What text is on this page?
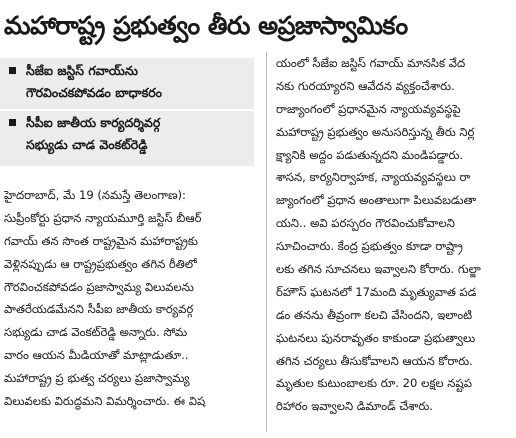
మహారాష్ట్ర ప్రభుత్వం తీరు అప్రజాస్వామికం
సీజేఐ జస్టిస్ గవాయ్‌ను
గౌరవించకపోవడం బాధాకరం
సీపీఐ జాతీయ కార్యదర్శివర్గ
సభ్యుడు చాడ వెంకట్‌రెడ్డి
హైదరాబాద్, మే 19 (నమస్తే తెలంగాణ):
సుప్రీంకోర్టు ప్రధాన న్యాయమూర్తి జస్టిస్ బీఆర్
గవాయ్ తన సొంత రాష్ట్రమైన మహారాష్ట్రకు
వెళ్లినప్పుడు ఆ రాష్ట్రప్రభుత్వం తగిన రీతిలో
గౌరవించకపోవడం ప్రజాస్వామ్య విలువలను
పాతరేయడమేనని సీపీఐ జాతీయ కార్యవర్గ
సభ్యుడు చాడ వెంకట్‌రెడ్డి అన్నారు. సోమ
వారం ఆయన మీడియాతో మాట్లాడుతూ..
మహారాష్ట్ర ప్ర భుత్వ చర్యలు ప్రజాస్వామ్య
విలువలకు విరుద్ధమని విమర్శించారు. ఈ విష
యంలో సీజేఐ జస్టిస్ గవాయ్ మానసిక వేద
నకు గురయ్యారని ఆవేదన వ్యక్తంచేశారు.
రాజ్యాంగంలో ప్రధానమైన న్యాయవ్యవస్థపై
మహారాష్ట్ర ప్రభుత్వం అనుసరిస్తున్న తీరు నిర్ల
క్ష్యానికి అద్దం పడుతున్నదని మండిపడ్డారు.
శాసన, కార్యనిర్వాహక, న్యాయవ్యవస్థలు రా
జ్యాంగంలో ప్రధాన అంతాలుగా పిలువబడుతా
యని.. అవి పరస్పరం గౌరవించుకోవాలని
సూచించారు. కేంద్ర ప్రభుత్వం కూడా రాష్ట్రా
లకు తగిన సూచనలు ఇవ్వాలని కోరారు. గుల్జా
ర్‌హౌస్ ఘటనలో 17మంది మృత్యువాత పడ
డం తనను తీవ్రంగా కలచి వేసిందని, ఇలాంటి
ఘటనలు పునరావృతం కాకుండా ప్రభుత్వాలు
తగిన చర్యలు తీసుకోవాలని ఆయన కోరారు.
మృతుల కుటుంబాలకు రూ. 20 లక్షల నష్టప
రిహారం ఇవ్వాలని డిమాండ్ చేశారు.
